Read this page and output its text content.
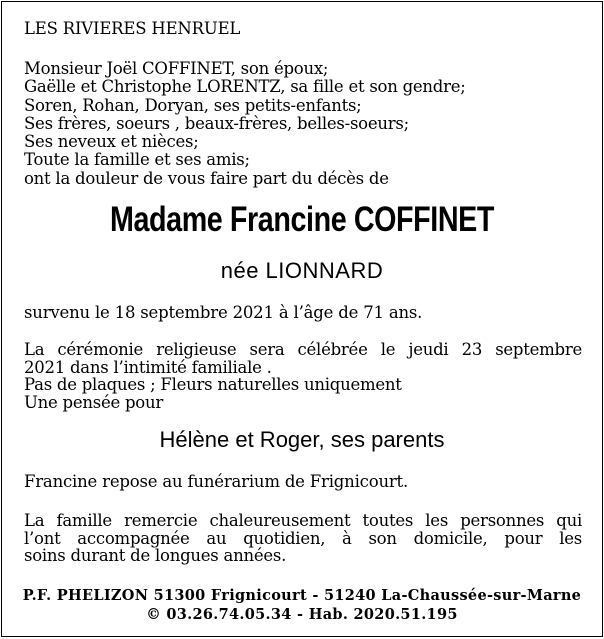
LES RIVIERES HENRUEL
Monsieur Joël COFFINET, son époux;
Gaëlle et Christophe LORENTZ, sa fille et son gendre;
Soren, Rohan, Doryan, ses petits-enfants;
Ses frères, soeurs , beaux-frères, belles-soeurs;
Ses neveux et nièces;
Toute la famille et ses amis;
ont la douleur de vous faire part du décès de
Madame Francine COFFINET
née LIONNARD
survenu le 18 septembre 2021 à l’âge de 71 ans.
La cérémonie religieuse sera célébrée le jeudi 23 septembre
2021 dans l’intimité familiale .
Pas de plaques ; Fleurs naturelles uniquement
Une pensée pour
Hélène et Roger, ses parents
Francine repose au funérarium de Frignicourt.
La famille remercie chaleureusement toutes les personnes qui
l’ont accompagnée au quotidien, à son domicile, pour les
soins durant de longues années.
P.F. PHELIZON 51300 Frignicourt - 51240 La-Chaussée-sur-Marne
© 03.26.74.05.34 - Hab. 2020.51.195
